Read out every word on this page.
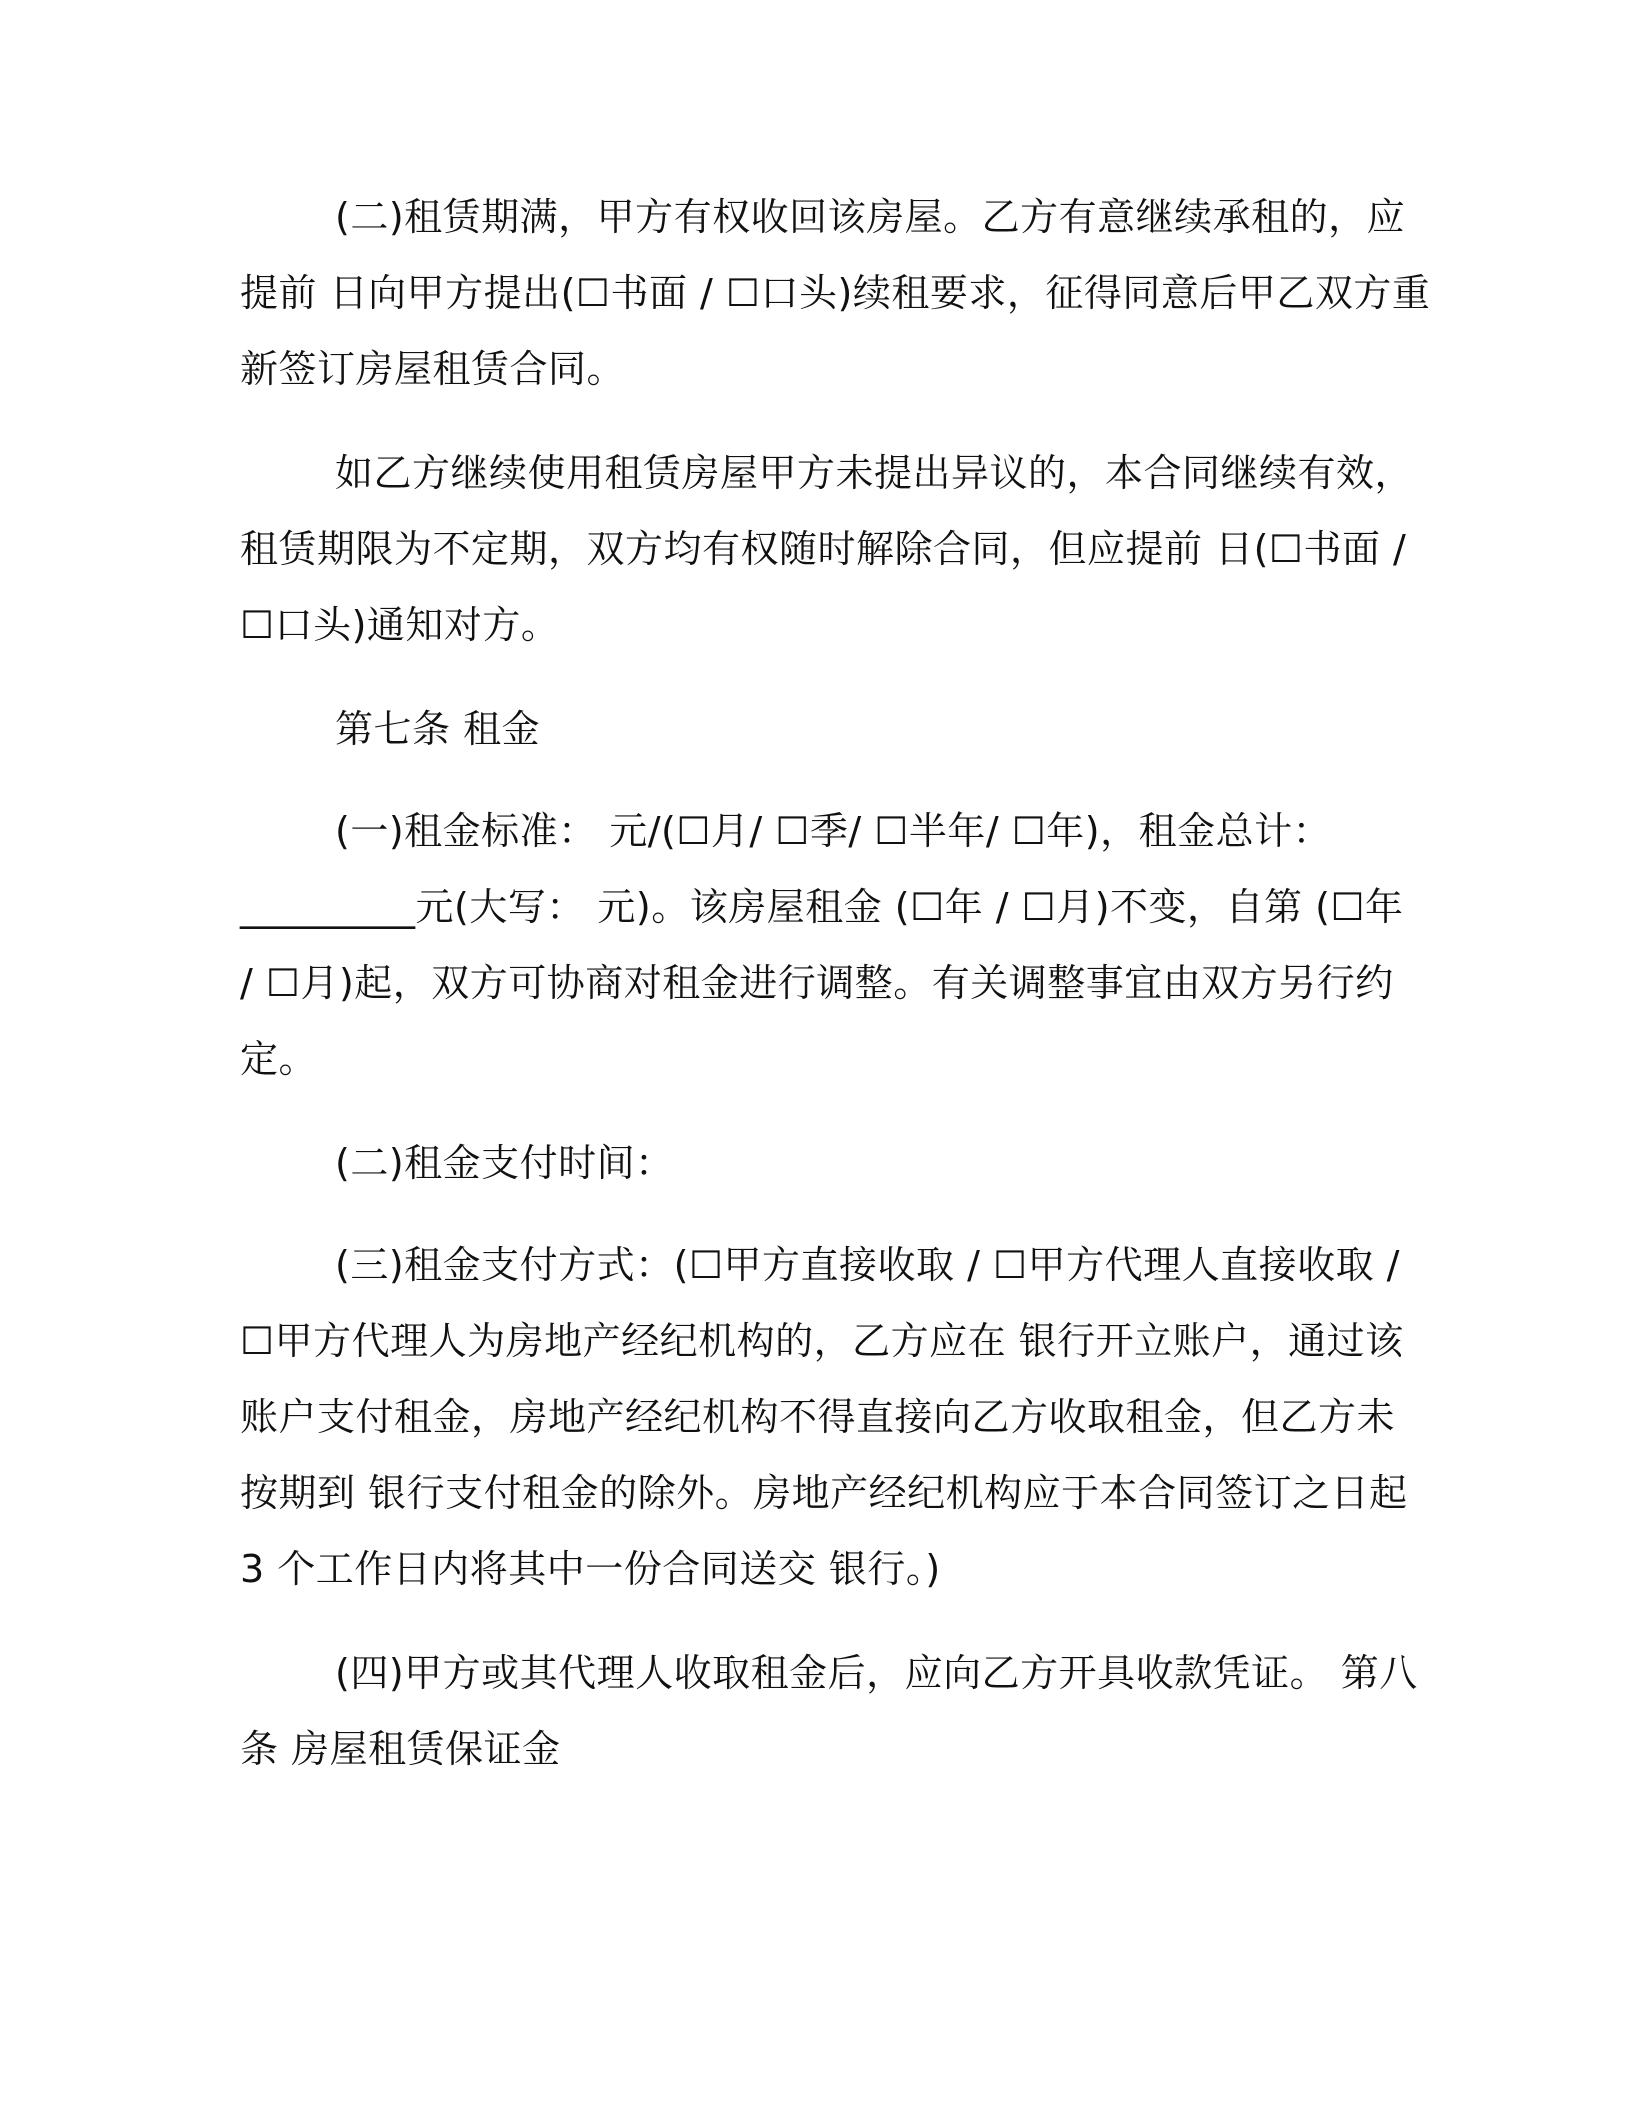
(二)租赁期满，甲方有权收回该房屋。乙方有意继续承租的，应
提前 日向甲方提出(☐书面 / ☐口头)续租要求，征得同意后甲乙双方重
新签订房屋租赁合同。
如乙方继续使用租赁房屋甲方未提出异议的，本合同继续有效，
租赁期限为不定期，双方均有权随时解除合同，但应提前 日(☐书面 /
☐口头)通知对方。
第七条 租金
(一)租金标准： 元/(☐月/ ☐季/ ☐半年/ ☐年)，租金总计：
_________元(大写： 元)。该房屋租金 (☐年 / ☐月)不变，自第 (☐年
/ ☐月)起，双方可协商对租金进行调整。有关调整事宜由双方另行约
定。
(二)租金支付时间：
(三)租金支付方式：(☐甲方直接收取 / ☐甲方代理人直接收取 /
☐甲方代理人为房地产经纪机构的，乙方应在 银行开立账户，通过该
账户支付租金，房地产经纪机构不得直接向乙方收取租金，但乙方未
按期到 银行支付租金的除外。房地产经纪机构应于本合同签订之日起
3 个工作日内将其中一份合同送交 银行。)
(四)甲方或其代理人收取租金后，应向乙方开具收款凭证。 第八
条 房屋租赁保证金
